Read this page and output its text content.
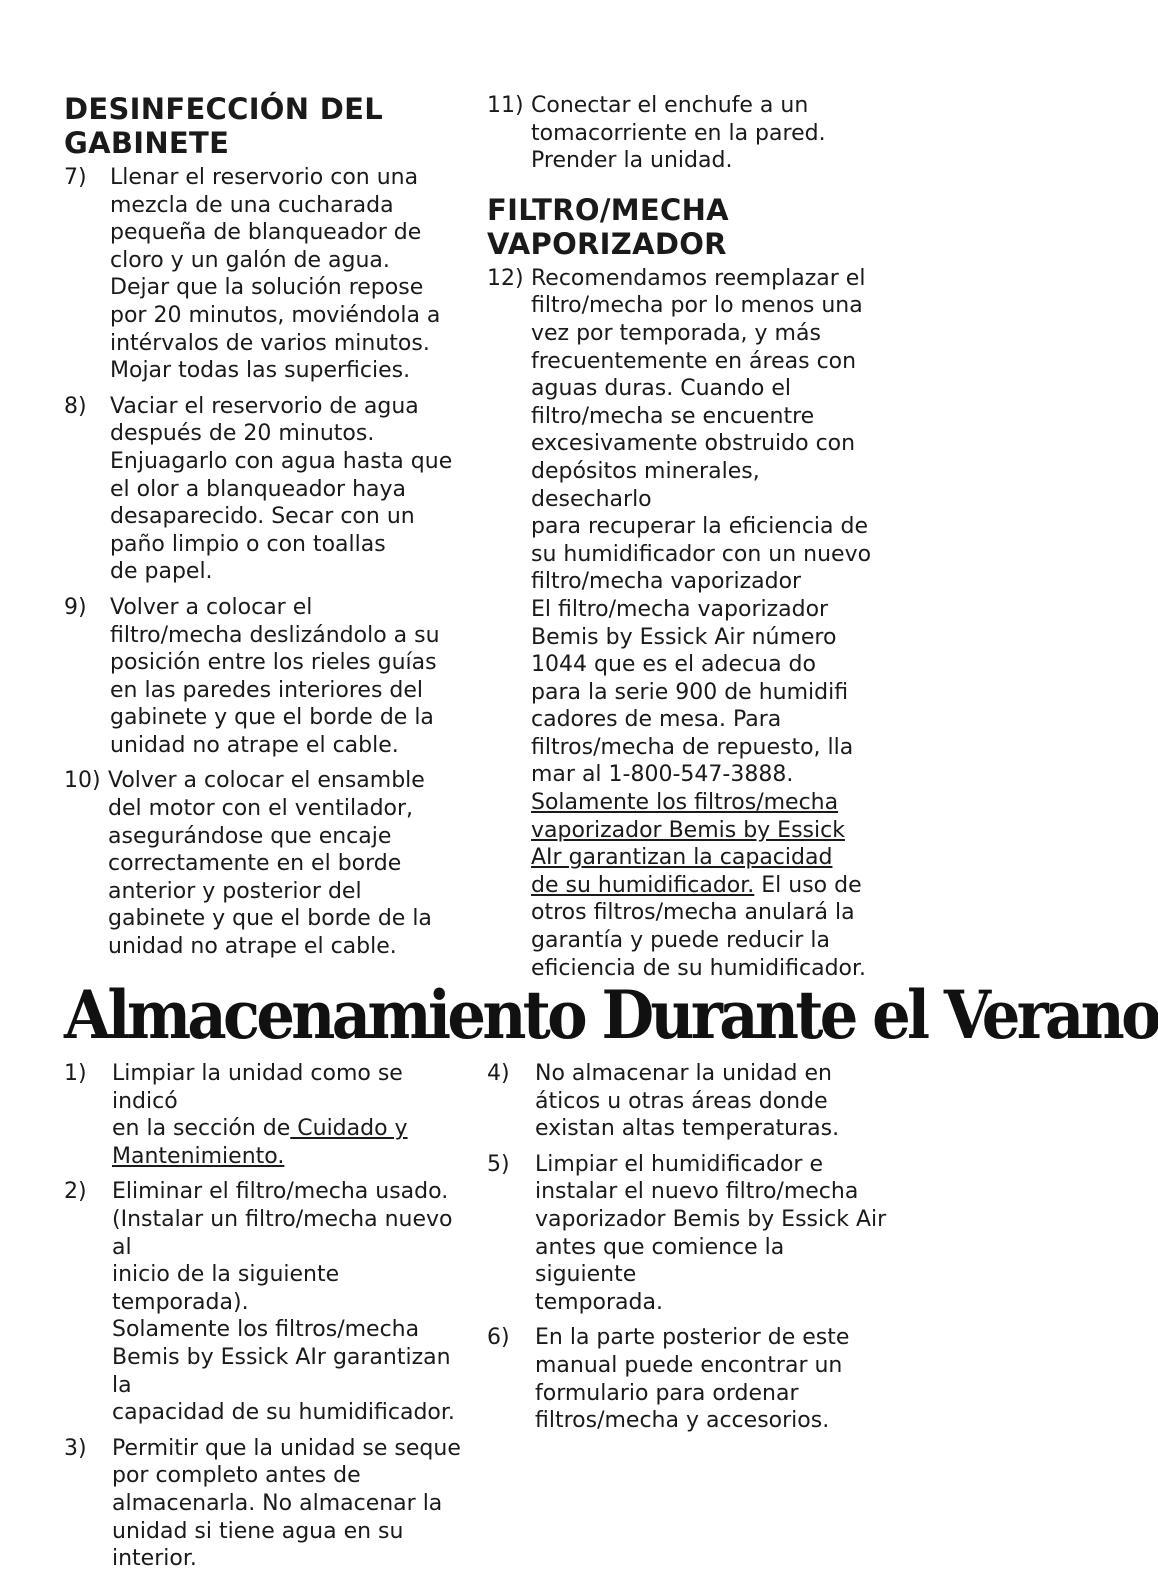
DESINFECCIÓN DEL
GABINETE
7)	Llenar el reservorio con una
mezcla de una cucharada
pequeña de blanqueador de
cloro y un galón de agua.
Dejar que la solución repose
por 20 minutos, moviéndola a
intérvalos de varios minutos.
Mojar todas las superficies.
8)	Vaciar el reservorio de agua
después de 20 minutos.
Enjuagarlo con agua hasta que
el olor a blanqueador haya
desaparecido. Secar con un
paño limpio o con toallas
de papel.
9)	Volver a colocar el
filtro/mecha deslizándolo a su
posición entre los rieles guías
en las paredes interiores del
gabinete y que el borde de la
unidad no atrape el cable.
10) Volver a colocar el ensamble
del motor con el ventilador,
asegurándose que encaje
correctamente en el borde
anterior y posterior del
gabinete y que el borde de la
unidad no atrape el cable.
11) Conectar el enchufe a un
tomacorriente en la pared.
Prender la unidad.
FILTRO/MECHA
VAPORIZADOR
12) Recomendamos reemplazar el
filtro/mecha por lo menos una
vez por temporada, y más
frecuentemente en áreas con
aguas duras. Cuando el
filtro/mecha se encuentre
excesivamente obstruido con
depósitos minerales, desecharlo
para recuperar la eficiencia de
su humidificador con un nuevo
filtro/mecha vaporizador
El filtro/mecha vaporizador
Bemis by Essick Air número
1044 que es el adecua do
para la serie 900 de humidifi
cadores de mesa. Para
filtros/mecha de repuesto, lla
mar al 1-800-547-3888.
Solamente los filtros/mecha
vaporizador Bemis by Essick
AIr garantizan la capacidad
de su humidificador. El uso de
otros filtros/mecha anulará la
garantía y puede reducir la
eficiencia de su humidificador.
Almacenamiento Durante el Verano
1)	Limpiar la unidad como se indicó
en la sección de Cuidado y
Mantenimiento.
2)	Eliminar el filtro/mecha usado.
(Instalar un filtro/mecha nuevo al
inicio de la siguiente temporada).
Solamente los filtros/mecha
Bemis by Essick AIr garantizan la
capacidad de su humidificador.
3)	Permitir que la unidad se seque
por completo antes de
almacenarla. No almacenar la
unidad si tiene agua en su
interior.
4)	No almacenar la unidad en
áticos u otras áreas donde
existan altas temperaturas.
5)	Limpiar el humidificador e
instalar el nuevo filtro/mecha
vaporizador Bemis by Essick Air
antes que comience la siguiente
temporada.
6)	En la parte posterior de este
manual puede encontrar un
formulario para ordenar
filtros/mecha y accesorios.
